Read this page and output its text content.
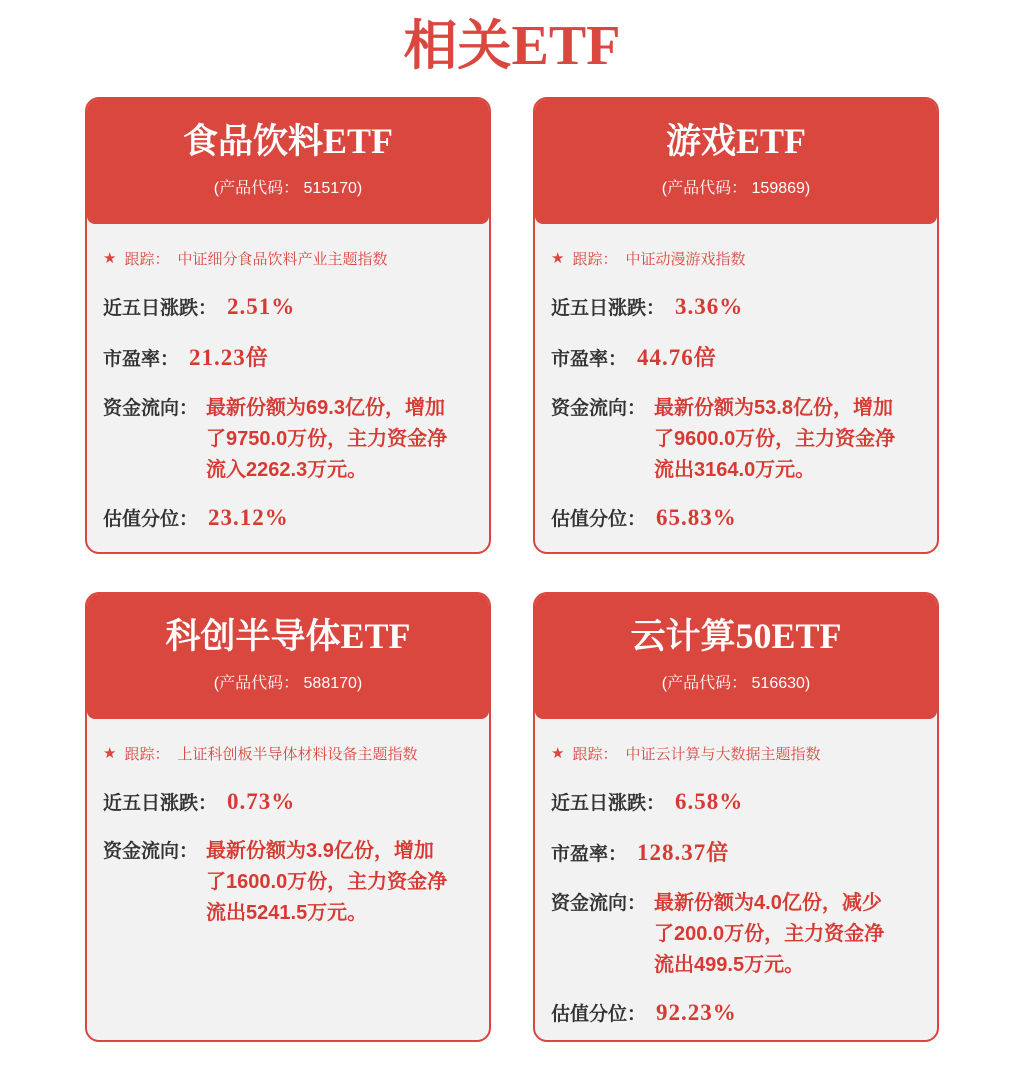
相关ETF
食品饮料ETF
(产品代码： 515170)
★ 跟踪： 中证细分食品饮料产业主题指数
近五日涨跌： 2.51%
市盈率： 21.23 倍
资金流向： 最新份额为69.3亿份，增加
了9750.0万份，主力资金净
流入2262.3万元。
估值分位： 23.12%
游戏ETF
(产品代码： 159869)
★ 跟踪： 中证动漫游戏指数
近五日涨跌： 3.36%
市盈率： 44.76 倍
资金流向： 最新份额为53.8亿份，增加
了9600.0万份，主力资金净
流出3164.0万元。
估值分位： 65.83%
科创半导体ETF
(产品代码： 588170)
★ 跟踪： 上证科创板半导体材料设备主题指数
近五日涨跌： 0.73%
资金流向： 最新份额为3.9亿份，增加
了1600.0万份，主力资金净
流出5241.5万元。
云计算50ETF
(产品代码： 516630)
★ 跟踪： 中证云计算与大数据主题指数
近五日涨跌： 6.58%
市盈率： 128.37 倍
资金流向： 最新份额为4.0亿份，减少
了200.0万份，主力资金净
流出499.5万元。
估值分位： 92.23%
